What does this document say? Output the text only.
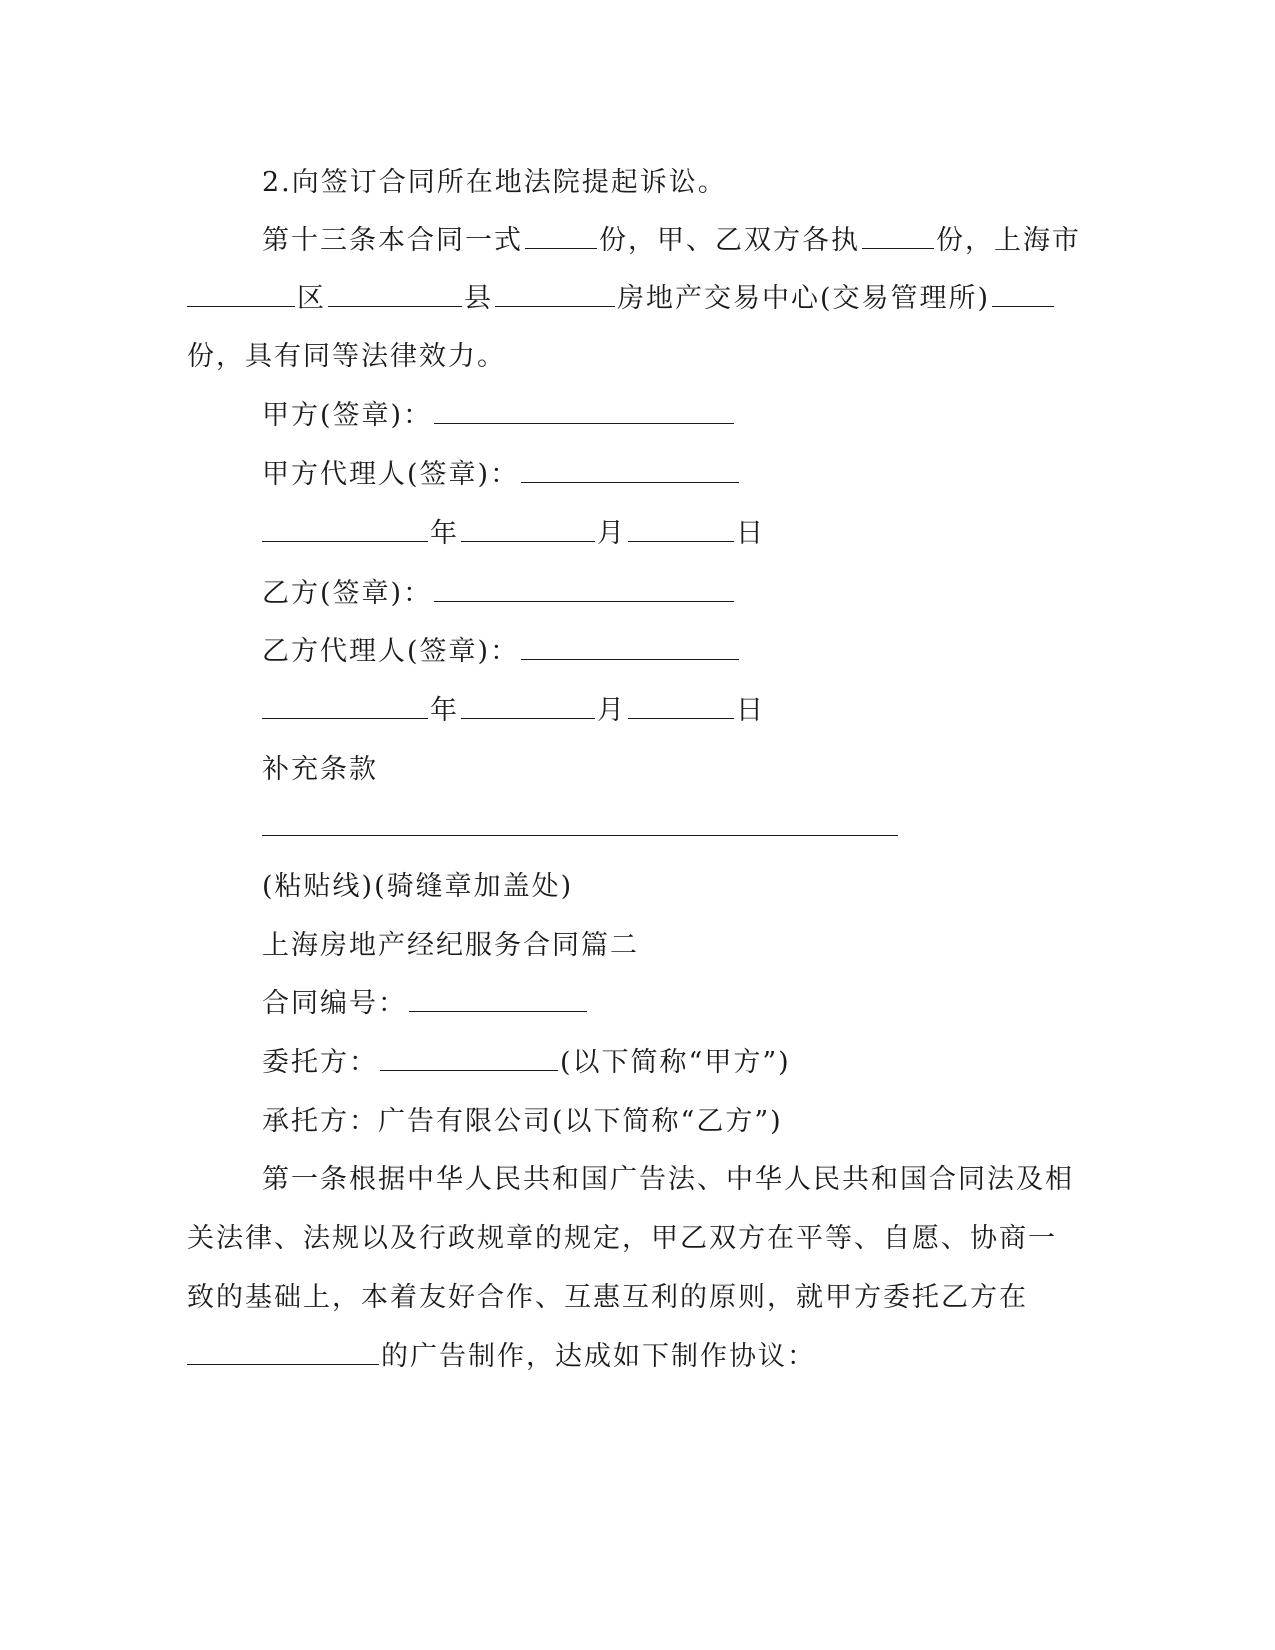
2.向签订合同所在地法院提起诉讼。
第十三条本合同一式	份，甲、乙双方各执	份，上海市
区	县	房地产交易中心(交易管理所)
份，具有同等法律效力。
甲方(签章)：
甲方代理人(签章)：
年	月	日
乙方(签章)：
乙方代理人(签章)：
年	月	日
补充条款
(粘贴线)(骑缝章加盖处)
上海房地产经纪服务合同篇二
合同编号：
委托方：	(以下简称“甲方”)
承托方：广告有限公司(以下简称“乙方”)
第一条根据中华人民共和国广告法、中华人民共和国合同法及相
关法律、法规以及行政规章的规定，甲乙双方在平等、自愿、协商一
致的基础上，本着友好合作、互惠互利的原则，就甲方委托乙方在
的广告制作，达成如下制作协议：
